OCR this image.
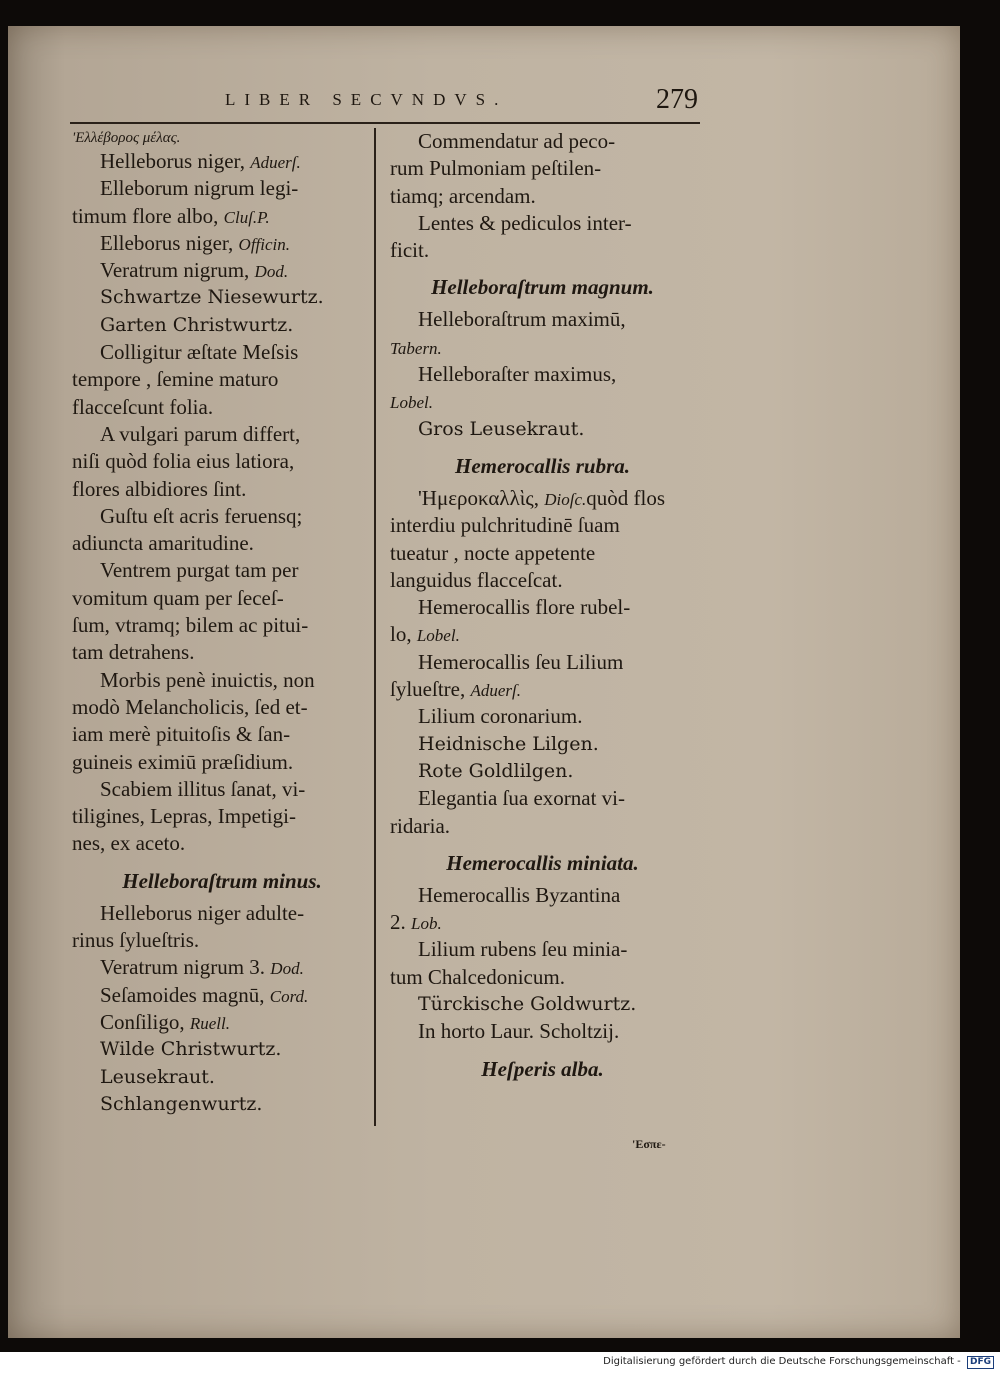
LIBER SECVNDVS.	279
'Ελλέβορος μέλας.
Helleborus niger, Aduerſ.
Elleborum nigrum legi-
timum flore albo, Cluſ.P.
Elleborus niger, Officin.
Veratrum nigrum, Dod.
Schwartze Niesewurtz.
Garten Christwurtz.
Colligitur æſtate Meſsis
tempore , ſemine maturo
flacceſcunt folia.
A vulgari parum differt,
niſi quòd folia eius latiora,
flores albidiores ſint.
Guſtu eſt acris feruensq;
adiuncta amaritudine.
Ventrem purgat tam per
vomitum quam per ſeceſ-
ſum, vtramq; bilem ac pitui-
tam detrahens.
Morbis penè inuictis, non
modò Melancholicis, ſed et-
iam merè pituitoſis & ſan-
guineis eximiū præſidium.
Scabiem illitus ſanat, vi-
tiligines, Lepras, Impetigi-
nes, ex aceto.
Helleboraſtrum minus.
Helleborus niger adulte-
rinus ſylueſtris.
Veratrum nigrum 3. Dod.
Seſamoides magnū, Cord.
Conſiligo, Ruell.
Wilde Christwurtz.
Leusekraut.
Schlangenwurtz.
Commendatur ad peco-
rum Pulmoniam peſtilen-
tiamq; arcendam.
Lentes & pediculos inter-
ficit.
Helleboraſtrum magnum.
Helleboraſtrum maximū,
Tabern.
Helleboraſter maximus,
Lobel.
Gros Leusekraut.
Hemerocallis rubra.
'Ημεροκαλλὶς, Dioſc.quòd flos
interdiu pulchritudinē ſuam
tueatur , nocte appetente
languidus flacceſcat.
Hemerocallis flore rubel-
lo, Lobel.
Hemerocallis ſeu Lilium
ſylueſtre, Aduerſ.
Lilium coronarium.
Heidnische Lilgen.
Rote Goldlilgen.
Elegantia ſua exornat vi-
ridaria.
Hemerocallis miniata.
Hemerocallis Byzantina
2. Lob.
Lilium rubens ſeu minia-
tum Chalcedonicum.
Türckische Goldwurtz.
In horto Laur. Scholtzij.
Heſperis alba.
'Εσπε-
Digitalisierung gefördert durch die Deutsche Forschungsgemeinschaft - DFG
